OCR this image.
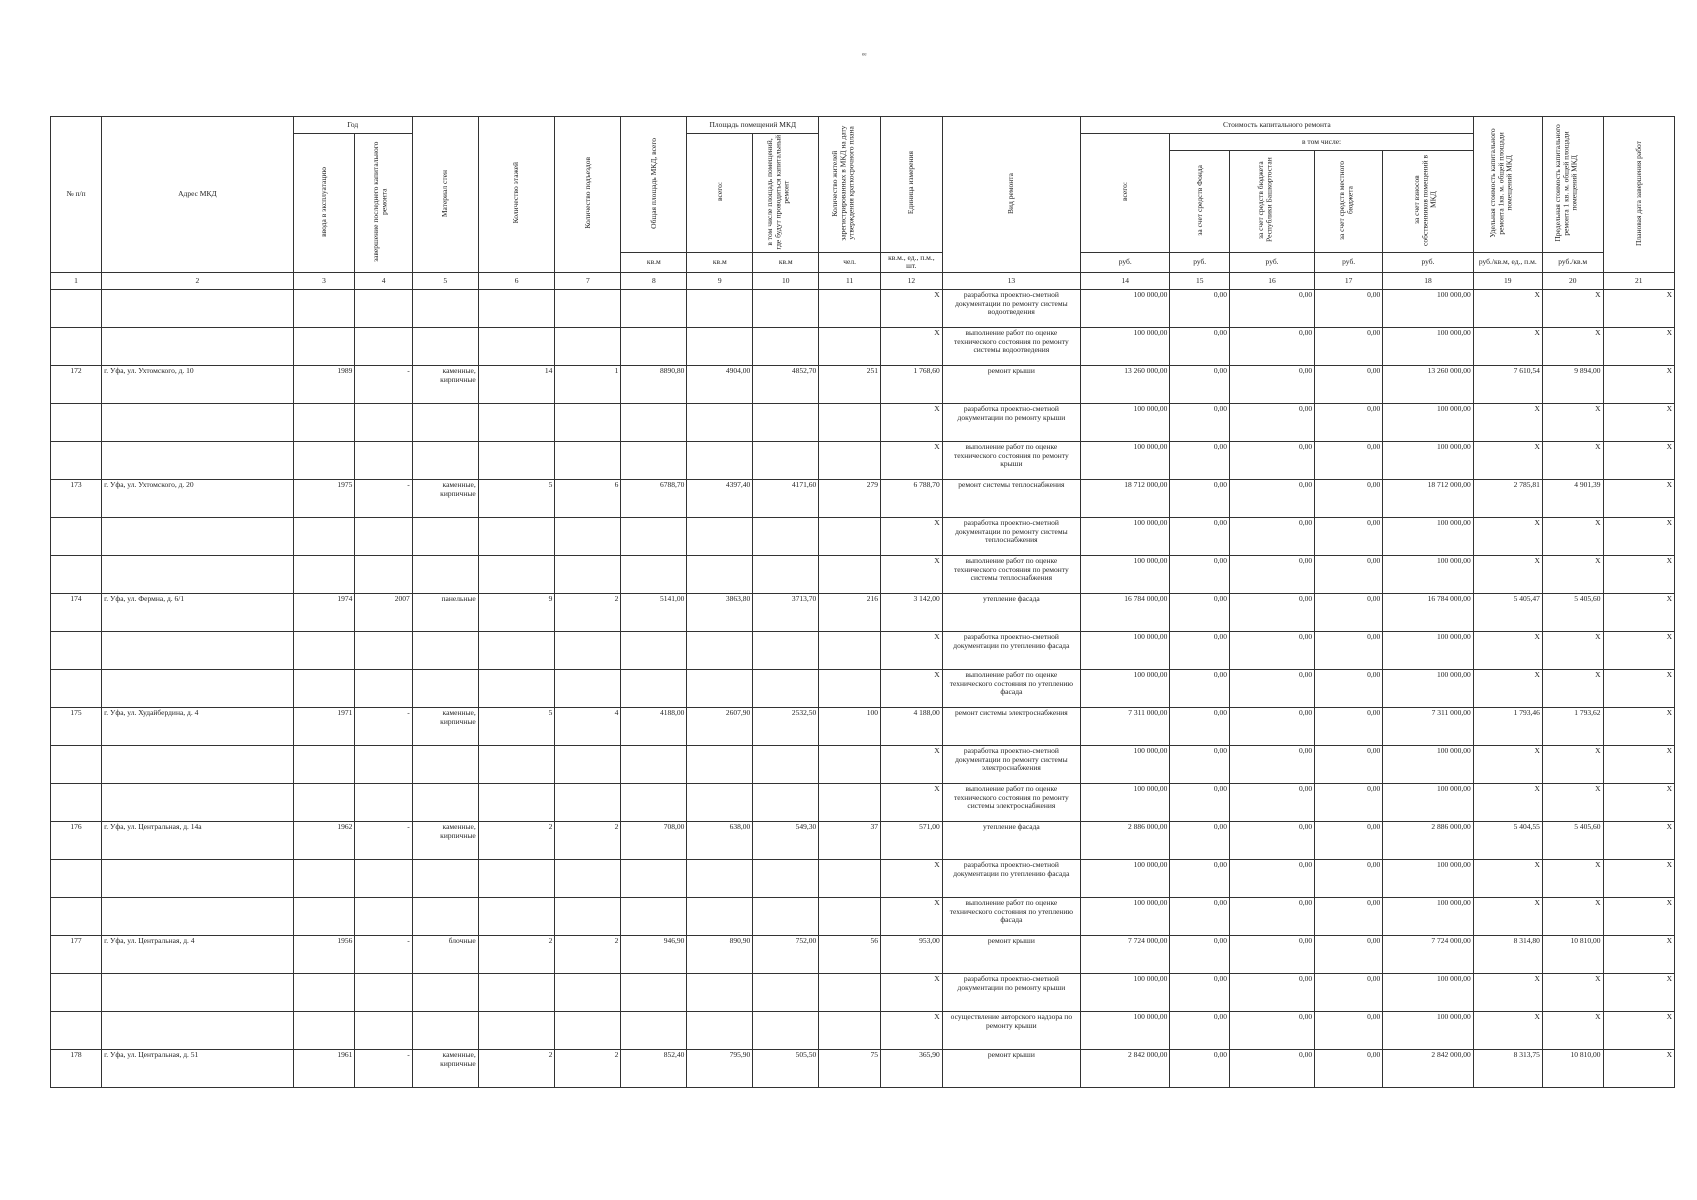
ᵉᵉ
№ п/п	Адрес МКД	Год		Материал стен	Количество этажей	Количество подъездов	Общая площадь МКД, всего	Площадь помещений МКД		Количество жителей зарегистрированных в МКД на дату утверждения краткосрочного плана	Единица измерения	Вид ремонта	Стоимость капитального ремонта					Удельная стоимость капитального ремонта 1кв. м. общей площади помещений МКД	Предельная стоимость капитального ремонта 1 кв. м. общей площади помещений МКД	Плановая дата завершения работ
		ввода в эксплуатацию	завершение последнего капитального ремонта					всего:	в том числе площадь помещений, где будут проводиться капитальный ремонт				всего:	в том числе:						
														за счет средств Фонда	за счет средств бюджета Республики Башкортостан	за счет средств местного бюджета	за счет взносов собственников помещений в МКД			
							кв.м	кв.м	кв.м	чел.	кв.м., ед., п.м., шт.		руб.	руб.	руб.	руб.	руб.	руб./кв.м, ед., п.м.	руб./кв.м	
1	2	3	4	5	6	7	8	9	10	11	12	13	14	15	16	17	18	19	20	21
											X	разработка проектно-сметной документации по ремонту системы водоотведения	100 000,00	0,00	0,00	0,00	100 000,00	X	X	X
											X	выполнение работ по оценке технического состояния по ремонту системы водоотведения	100 000,00	0,00	0,00	0,00	100 000,00	X	X	X
172	г. Уфа, ул. Ухтомского, д. 10	1989	-	каменные, кирпичные	14	1	8890,80	4904,00	4852,70	251	1 768,60	ремонт крыши	13 260 000,00	0,00	0,00	0,00	13 260 000,00	7 610,54	9 894,00	X
											X	разработка проектно-сметной документации по ремонту крыши	100 000,00	0,00	0,00	0,00	100 000,00	X	X	X
											X	выполнение работ по оценке технического состояния по ремонту крыши	100 000,00	0,00	0,00	0,00	100 000,00	X	X	X
173	г. Уфа, ул. Ухтомского, д. 20	1975	-	каменные, кирпичные	5	6	6788,70	4397,40	4171,60	279	6 788,70	ремонт системы теплоснабжения	18 712 000,00	0,00	0,00	0,00	18 712 000,00	2 785,81	4 901,39	X
											X	разработка проектно-сметной документации по ремонту системы теплоснабжения	100 000,00	0,00	0,00	0,00	100 000,00	X	X	X
											X	выполнение работ по оценке технического состояния по ремонту системы теплоснабжения	100 000,00	0,00	0,00	0,00	100 000,00	X	X	X
174	г. Уфа, ул. Фермна, д. 6/1	1974	2007	панельные	9	2	5141,00	3863,80	3713,70	216	3 142,00	утепление фасада	16 784 000,00	0,00	0,00	0,00	16 784 000,00	5 405,47	5 405,60	X
											X	разработка проектно-сметной документации по утеплению фасада	100 000,00	0,00	0,00	0,00	100 000,00	X	X	X
											X	выполнение работ по оценке технического состояния по утеплению фасада	100 000,00	0,00	0,00	0,00	100 000,00	X	X	X
175	г. Уфа, ул. Худайбердина, д. 4	1971	-	каменные, кирпичные	5	4	4188,00	2607,90	2532,50	100	4 188,00	ремонт системы электроснабжения	7 311 000,00	0,00	0,00	0,00	7 311 000,00	1 793,46	1 793,62	X
											X	разработка проектно-сметной документации по ремонту системы электроснабжения	100 000,00	0,00	0,00	0,00	100 000,00	X	X	X
											X	выполнение работ по оценке технического состояния по ремонту системы электроснабжения	100 000,00	0,00	0,00	0,00	100 000,00	X	X	X
176	г. Уфа, ул. Центральная, д. 14а	1962	-	каменные, кирпичные	2	2	708,00	638,00	549,30	37	571,00	утепление фасада	2 886 000,00	0,00	0,00	0,00	2 886 000,00	5 404,55	5 405,60	X
											X	разработка проектно-сметной документации по утеплению фасада	100 000,00	0,00	0,00	0,00	100 000,00	X	X	X
											X	выполнение работ по оценке технического состояния по утеплению фасада	100 000,00	0,00	0,00	0,00	100 000,00	X	X	X
177	г. Уфа, ул. Центральная, д. 4	1956	-	блочные	2	2	946,90	890,90	752,00	56	953,00	ремонт крыши	7 724 000,00	0,00	0,00	0,00	7 724 000,00	8 314,80	10 810,00	X
											X	разработка проектно-сметной документации по ремонту крыши	100 000,00	0,00	0,00	0,00	100 000,00	X	X	X
											X	осуществление авторского надзора по ремонту крыши	100 000,00	0,00	0,00	0,00	100 000,00	X	X	X
178	г. Уфа, ул. Центральная, д. 51	1961	-	каменные, кирпичные	2	2	852,40	795,90	505,50	75	365,90	ремонт крыши	2 842 000,00	0,00	0,00	0,00	2 842 000,00	8 313,75	10 810,00	X
